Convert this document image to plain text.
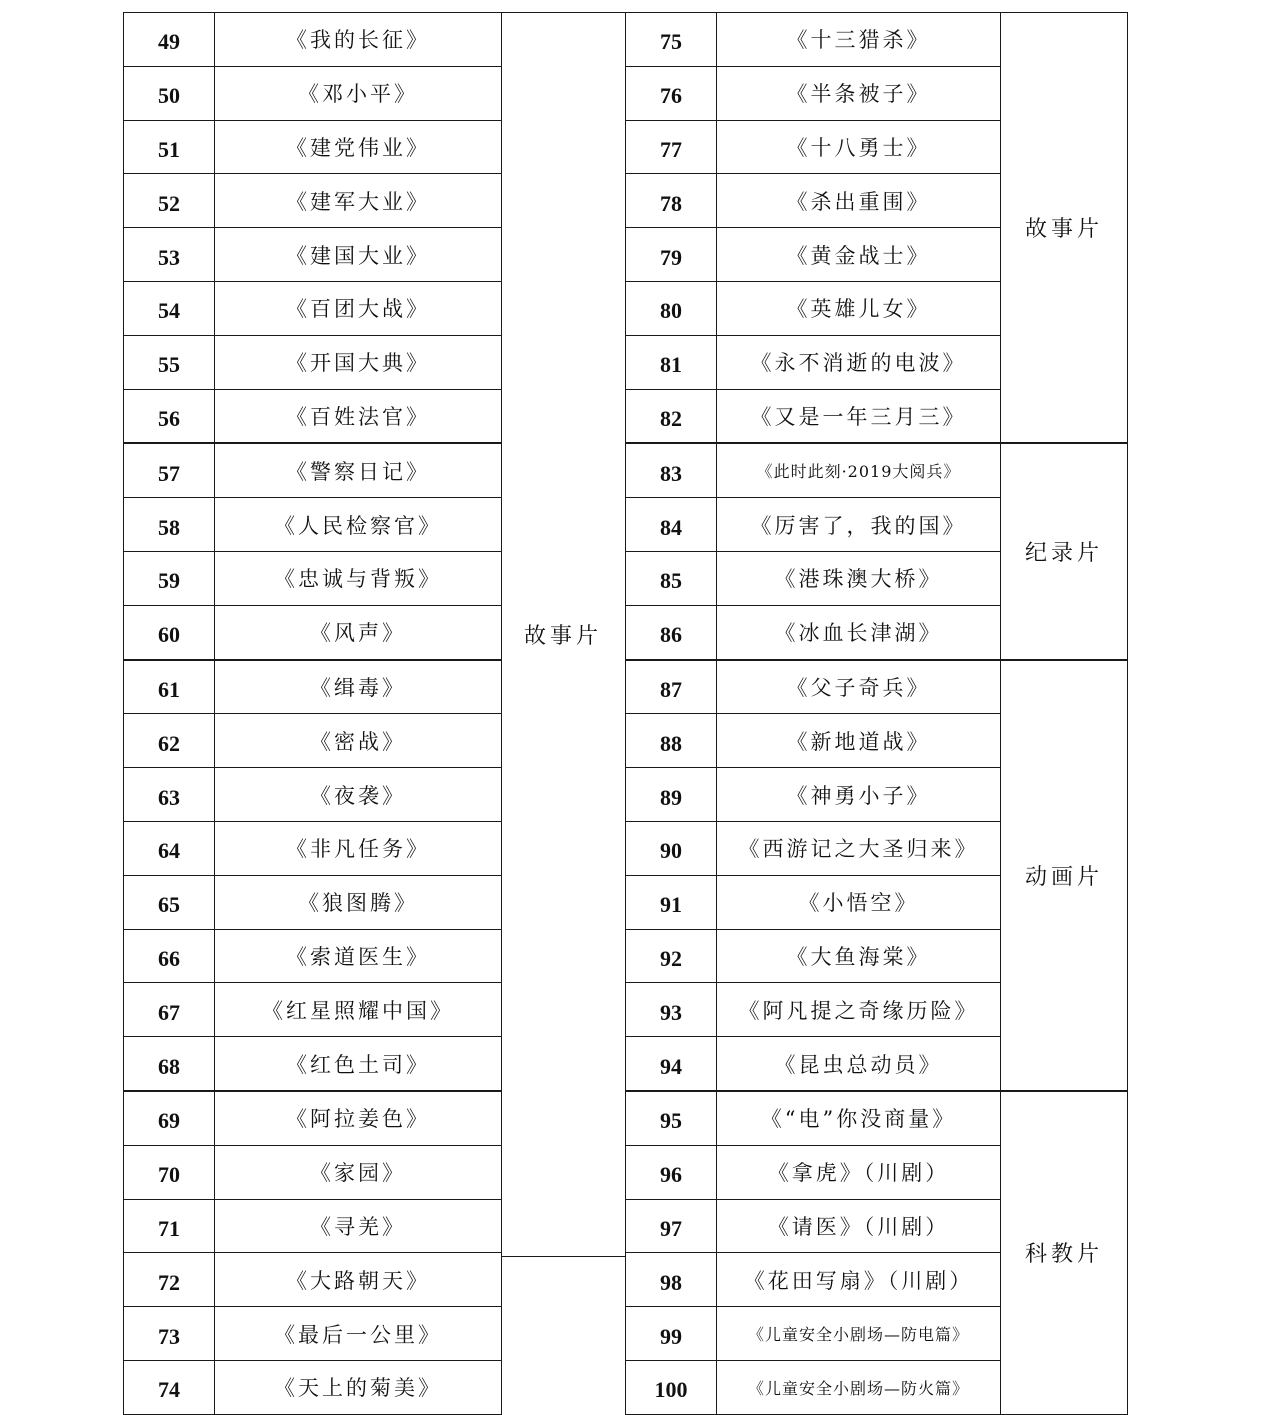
49	《我的长征》
50	《邓小平》
51	《建党伟业》
52	《建军大业》
53	《建国大业》
54	《百团大战》
55	《开国大典》
56	《百姓法官》
57	《警察日记》
58	《人民检察官》
59	《忠诚与背叛》
60	《风声》
61	《缉毒》
62	《密战》
63	《夜袭》
64	《非凡任务》
65	《狼图腾》
66	《索道医生》
67	《红星照耀中国》
68	《红色土司》
69	《阿拉姜色》
70	《家园》
71	《寻羌》
72	《大路朝天》
73	《最后一公里》
74	《天上的菊美》
故事片
75	《十三猎杀》	故事片
76	《半条被子》	
77	《十八勇士》	
78	《杀出重围》	
79	《黄金战士》	
80	《英雄儿女》	
81	《永不消逝的电波》	
82	《又是一年三月三》	
83	《此时此刻·2019大阅兵》	纪录片
84	《厉害了，我的国》	
85	《港珠澳大桥》	
86	《冰血长津湖》	
87	《父子奇兵》	动画片
88	《新地道战》	
89	《神勇小子》	
90	《西游记之大圣归来》	
91	《小悟空》	
92	《大鱼海棠》	
93	《阿凡提之奇缘历险》	
94	《昆虫总动员》	
95	《“电”你没商量》	科教片
96	《拿虎》（川剧）	
97	《请医》（川剧）	
98	《花田写扇》（川剧）	
99	《儿童安全小剧场—防电篇》	
100	《儿童安全小剧场—防火篇》	
